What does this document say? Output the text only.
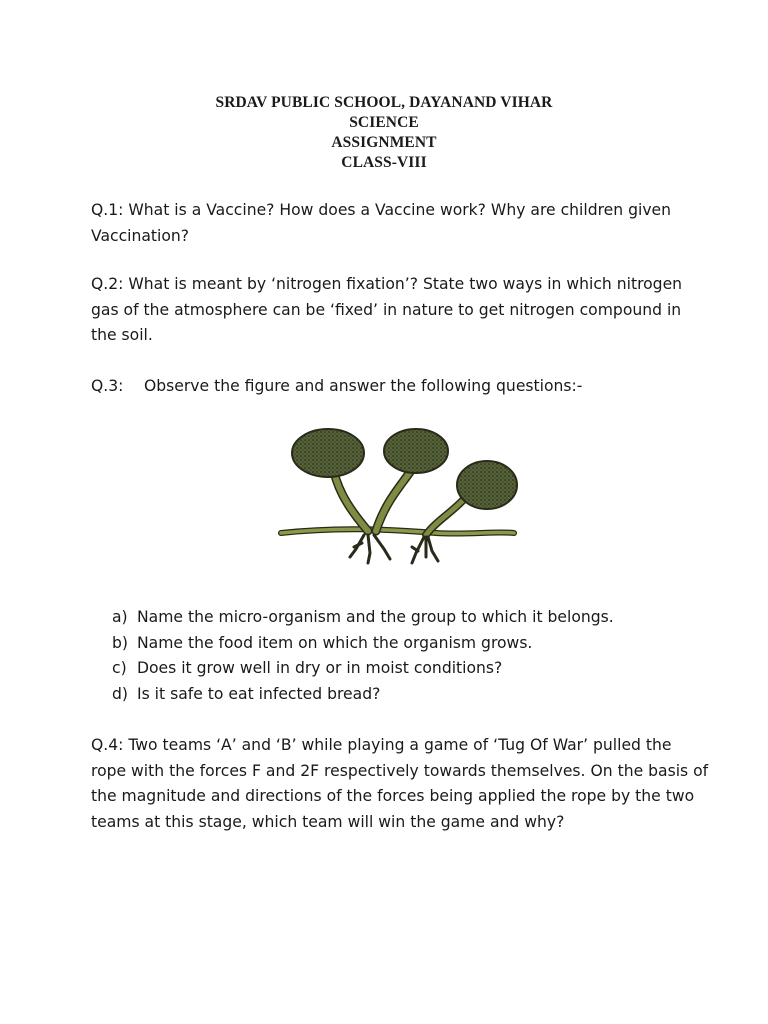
SRDAV PUBLIC SCHOOL, DAYANAND VIHAR
SCIENCE
ASSIGNMENT
CLASS-VIII

Q.1: What is a Vaccine? How does a Vaccine work? Why are children given Vaccination?

Q.2: What is meant by ‘nitrogen fixation’? State two ways in which nitrogen gas of the atmosphere can be ‘fixed’ in nature to get nitrogen compound in the soil.

Q.3: Observe the figure and answer the following questions:-

a) Name the micro-organism and the group to which it belongs.
b) Name the food item on which the organism grows.
c) Does it grow well in dry or in moist conditions?
d) Is it safe to eat infected bread?

Q.4: Two teams ‘A’ and ‘B’ while playing a game of ‘Tug Of War’ pulled the rope with the forces F and 2F respectively towards themselves. On the basis of the magnitude and directions of the forces being applied the rope by the two teams at this stage, which team will win the game and why?
